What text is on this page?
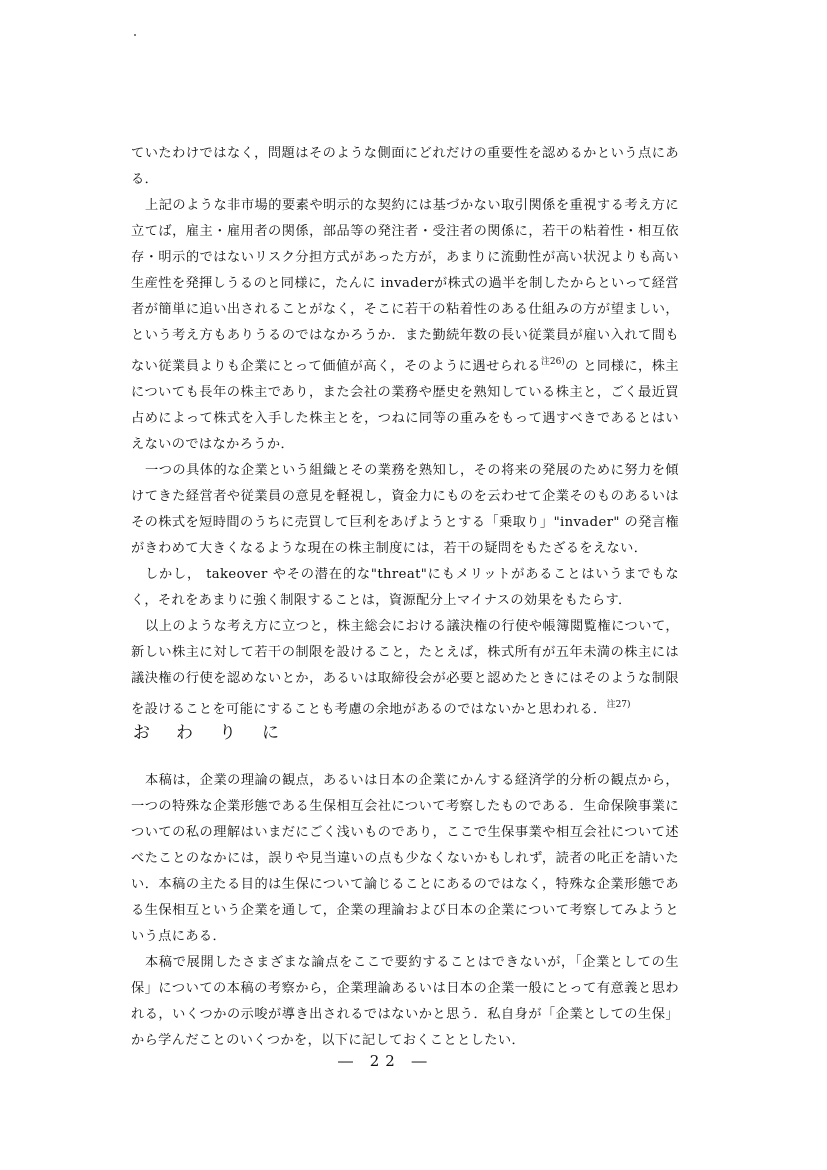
ていたわけではなく，問題はそのような側面にどれだけの重要性を認めるかという点にある．

上記のような非市場的要素や明示的な契約には基づかない取引関係を重視する考え方に立てば，雇主・雇用者の関係，部品等の発注者・受注者の関係に，若干の粘着性・相互依存・明示的ではないリスク分担方式があった方が，あまりに流動性が高い状況よりも高い生産性を発揮しうるのと同様に，たんに invaderが株式の過半を制したからといって経営者が簡単に追い出されることがなく，そこに若干の粘着性のある仕組みの方が望ましい，という考え方もありうるのではなかろうか．また勤続年数の長い従業員が雇い入れて間もない従業員よりも企業にとって価値が高く，そのように遇せられる$^{注26)}$の と同様に，株主についても長年の株主であり，また会社の業務や歴史を熟知している株主と，ごく最近買占めによって株式を入手した株主とを，つねに同等の重みをもって遇すべきであるとはいえないのではなかろうか．

一つの具体的な企業という組織とその業務を熟知し，その将来の発展のために努力を傾けてきた経営者や従業員の意見を軽視し，資金力にものを云わせて企業そのものあるいはその株式を短時間のうちに売買して巨利をあげようとする「乗取り」"invader" の発言権がきわめて大きくなるような現在の株主制度には，若干の疑問をもたざるをえない．

しかし， takeover やその潜在的な"threat"にもメリットがあることはいうまでもなく，それをあまりに強く制限することは，資源配分上マイナスの効果をもたらす．

以上のような考え方に立つと，株主総会における議決権の行使や帳簿閲覧権について，新しい株主に対して若干の制限を設けること，たとえば，株式所有が五年未満の株主には議決権の行使を認めないとか，あるいは取締役会が必要と認めたときにはそのような制限を設けることを可能にすることも考慮の余地があるのではないかと思われる．$^{注27)}$

おわりに

本稿は，企業の理論の観点，あるいは日本の企業にかんする経済学的分析の観点から，一つの特殊な企業形態である生保相互会社について考察したものである．生命保険事業についての私の理解はいまだにごく浅いものであり，ここで生保事業や相互会社について述べたことのなかには，誤りや見当違いの点も少なくないかもしれず，読者の叱正を請いたい．本稿の主たる目的は生保について論じることにあるのではなく，特殊な企業形態である生保相互という企業を通して，企業の理論および日本の企業について考察してみようという点にある．

本稿で展開したさまざまな論点をここで要約することはできないが，「企業としての生保」についての本稿の考察から，企業理論あるいは日本の企業一般にとって有意義と思われる，いくつかの示唆が導き出されるではないかと思う．私自身が「企業としての生保」から学んだことのいくつかを，以下に記しておくこととしたい．

― 22 ―
